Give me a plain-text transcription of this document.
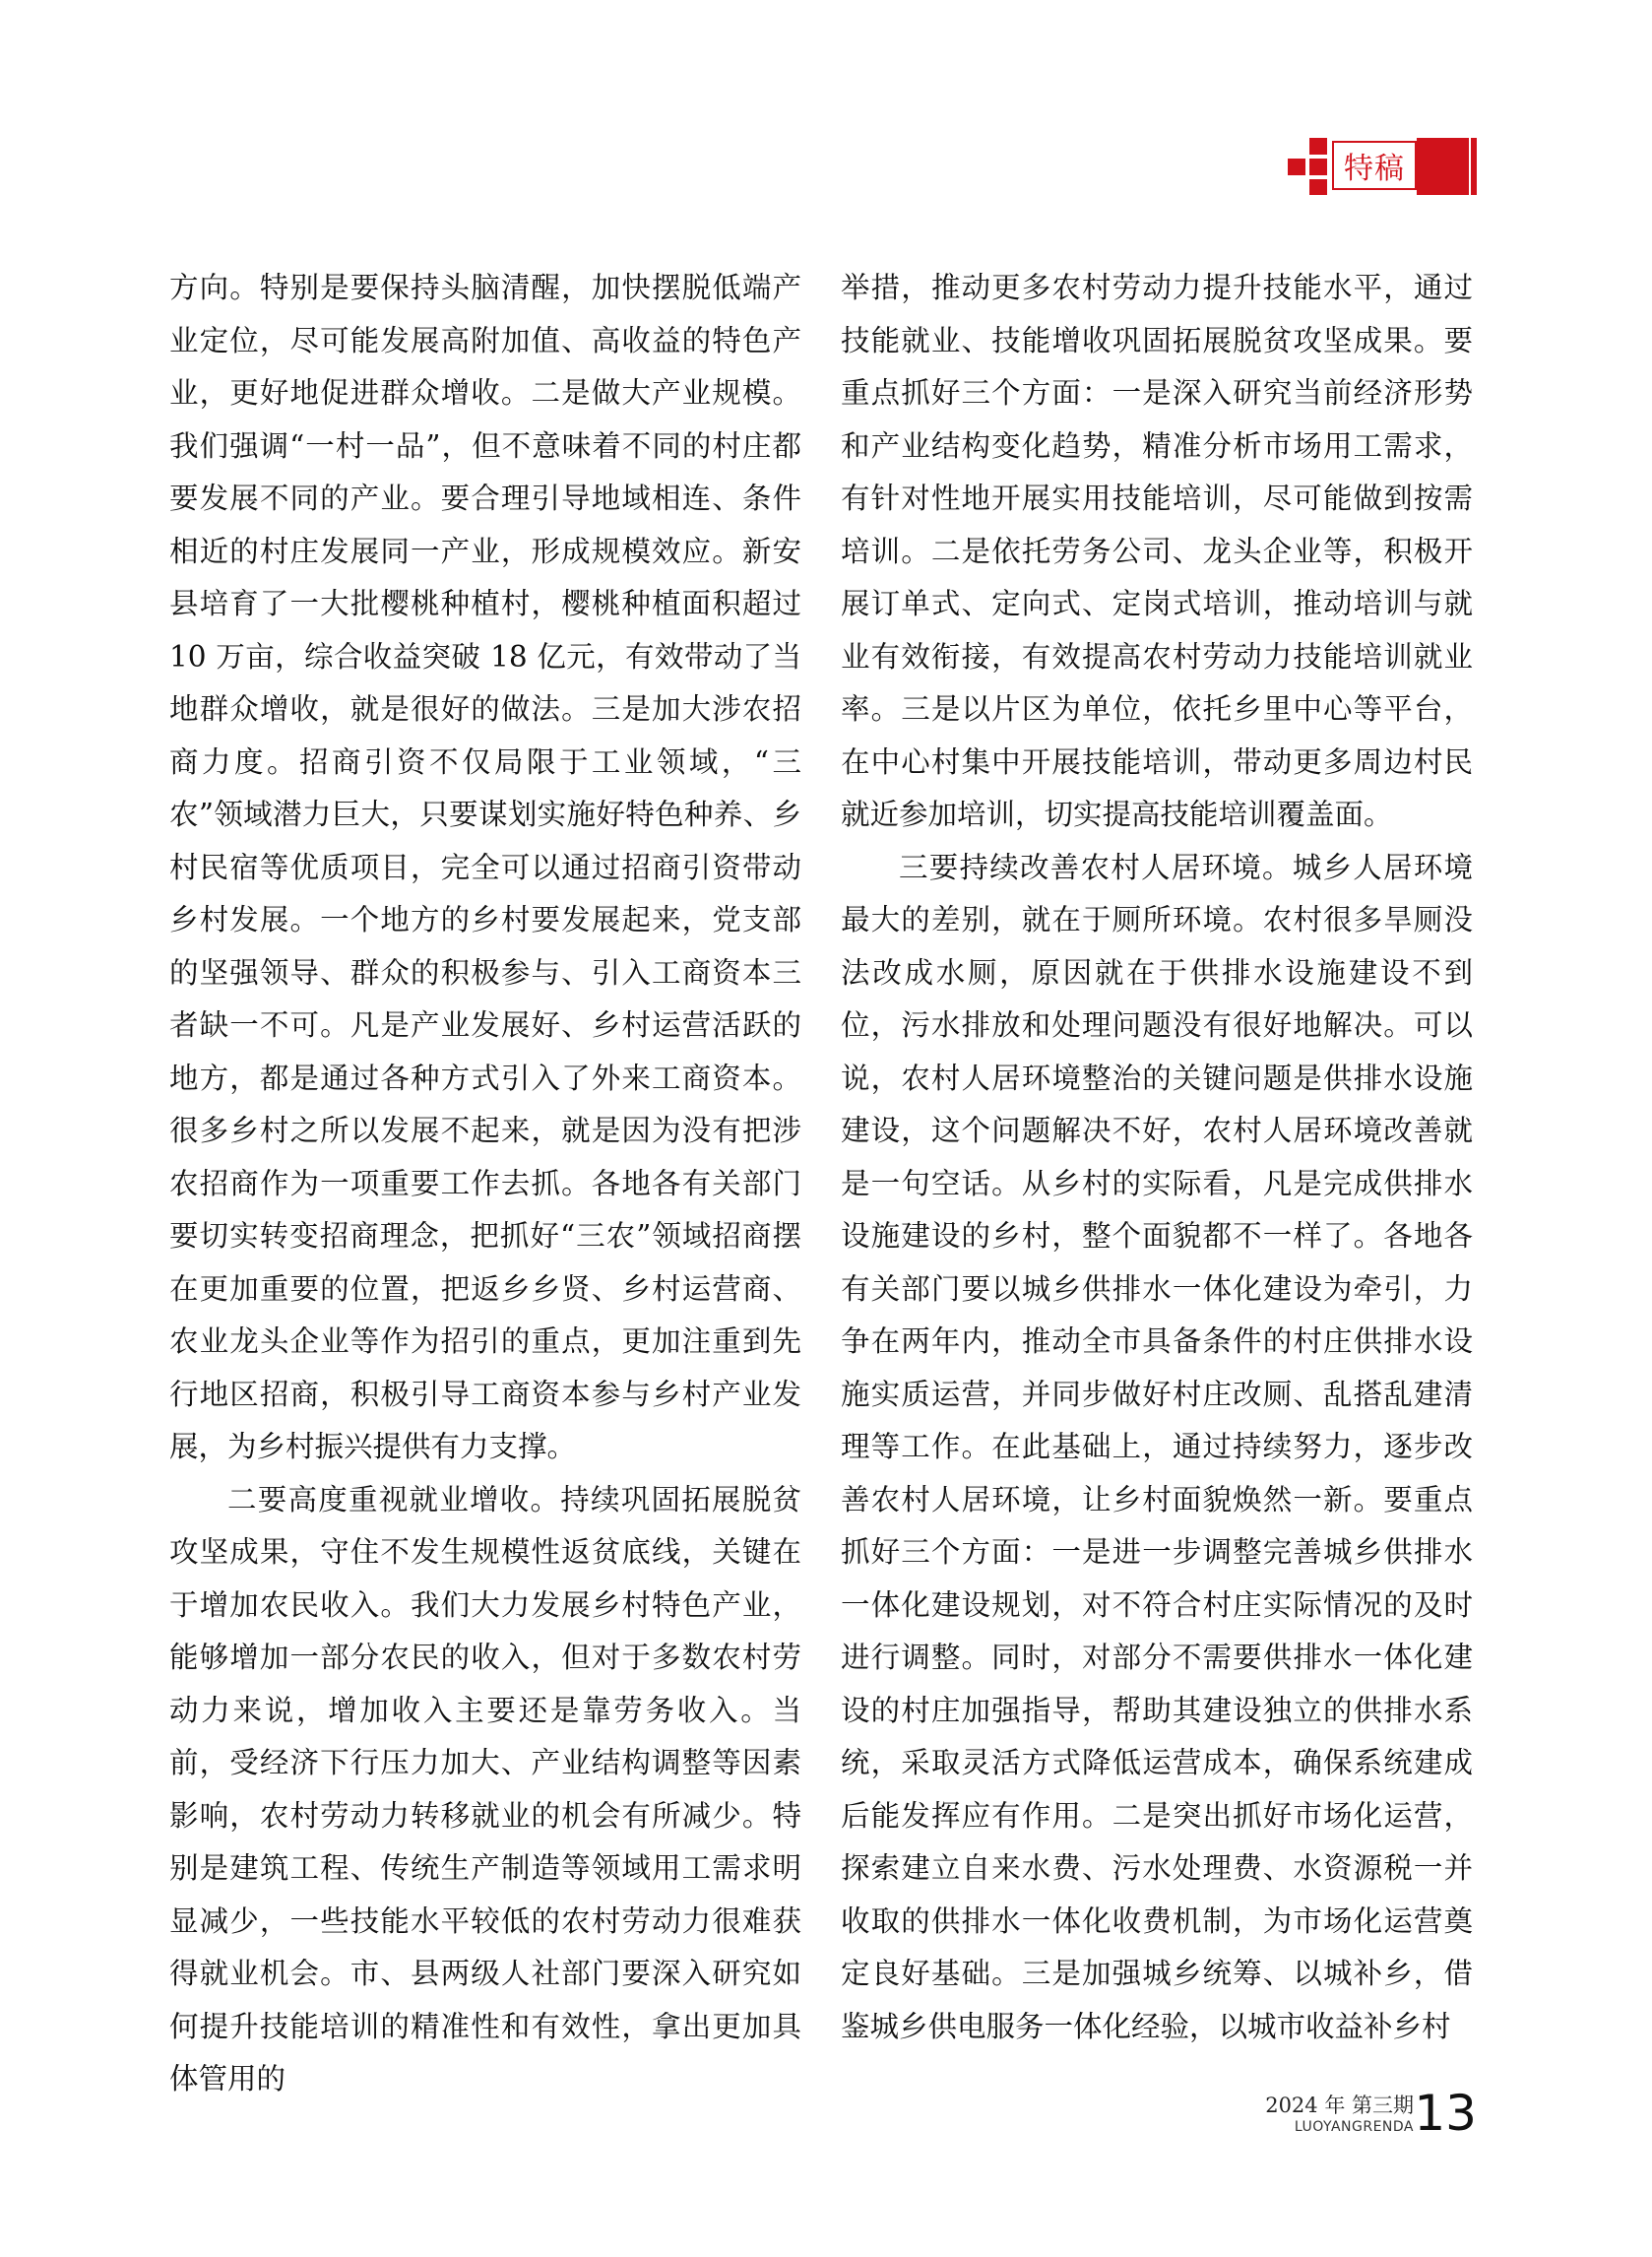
特稿

方向。特别是要保持头脑清醒，加快摆脱低端产业定位，尽可能发展高附加值、高收益的特色产业，更好地促进群众增收。二是做大产业规模。我们强调“一村一品”，但不意味着不同的村庄都要发展不同的产业。要合理引导地域相连、条件相近的村庄发展同一产业，形成规模效应。新安县培育了一大批樱桃种植村，樱桃种植面积超过 10 万亩，综合收益突破 18 亿元，有效带动了当地群众增收，就是很好的做法。三是加大涉农招商力度。招商引资不仅局限于工业领域，“三农”领域潜力巨大，只要谋划实施好特色种养、乡村民宿等优质项目，完全可以通过招商引资带动乡村发展。一个地方的乡村要发展起来，党支部的坚强领导、群众的积极参与、引入工商资本三者缺一不可。凡是产业发展好、乡村运营活跃的地方，都是通过各种方式引入了外来工商资本。很多乡村之所以发展不起来，就是因为没有把涉农招商作为一项重要工作去抓。各地各有关部门要切实转变招商理念，把抓好“三农”领域招商摆在更加重要的位置，把返乡乡贤、乡村运营商、农业龙头企业等作为招引的重点，更加注重到先行地区招商，积极引导工商资本参与乡村产业发展，为乡村振兴提供有力支撑。

二要高度重视就业增收。持续巩固拓展脱贫攻坚成果，守住不发生规模性返贫底线，关键在于增加农民收入。我们大力发展乡村特色产业，能够增加一部分农民的收入，但对于多数农村劳动力来说，增加收入主要还是靠劳务收入。当前，受经济下行压力加大、产业结构调整等因素影响，农村劳动力转移就业的机会有所减少。特别是建筑工程、传统生产制造等领域用工需求明显减少，一些技能水平较低的农村劳动力很难获得就业机会。市、县两级人社部门要深入研究如何提升技能培训的精准性和有效性，拿出更加具体管用的

举措，推动更多农村劳动力提升技能水平，通过技能就业、技能增收巩固拓展脱贫攻坚成果。要重点抓好三个方面：一是深入研究当前经济形势和产业结构变化趋势，精准分析市场用工需求，有针对性地开展实用技能培训，尽可能做到按需培训。二是依托劳务公司、龙头企业等，积极开展订单式、定向式、定岗式培训，推动培训与就业有效衔接，有效提高农村劳动力技能培训就业率。三是以片区为单位，依托乡里中心等平台，在中心村集中开展技能培训，带动更多周边村民就近参加培训，切实提高技能培训覆盖面。

三要持续改善农村人居环境。城乡人居环境最大的差别，就在于厕所环境。农村很多旱厕没法改成水厕，原因就在于供排水设施建设不到位，污水排放和处理问题没有很好地解决。可以说，农村人居环境整治的关键问题是供排水设施建设，这个问题解决不好，农村人居环境改善就是一句空话。从乡村的实际看，凡是完成供排水设施建设的乡村，整个面貌都不一样了。各地各有关部门要以城乡供排水一体化建设为牵引，力争在两年内，推动全市具备条件的村庄供排水设施实质运营，并同步做好村庄改厕、乱搭乱建清理等工作。在此基础上，通过持续努力，逐步改善农村人居环境，让乡村面貌焕然一新。要重点抓好三个方面：一是进一步调整完善城乡供排水一体化建设规划，对不符合村庄实际情况的及时进行调整。同时，对部分不需要供排水一体化建设的村庄加强指导，帮助其建设独立的供排水系统，采取灵活方式降低运营成本，确保系统建成后能发挥应有作用。二是突出抓好市场化运营，探索建立自来水费、污水处理费、水资源税一并收取的供排水一体化收费机制，为市场化运营奠定良好基础。三是加强城乡统筹、以城补乡，借鉴城乡供电服务一体化经验，以城市收益补乡村

2024 年 第三期
LUOYANGRENDA 13
